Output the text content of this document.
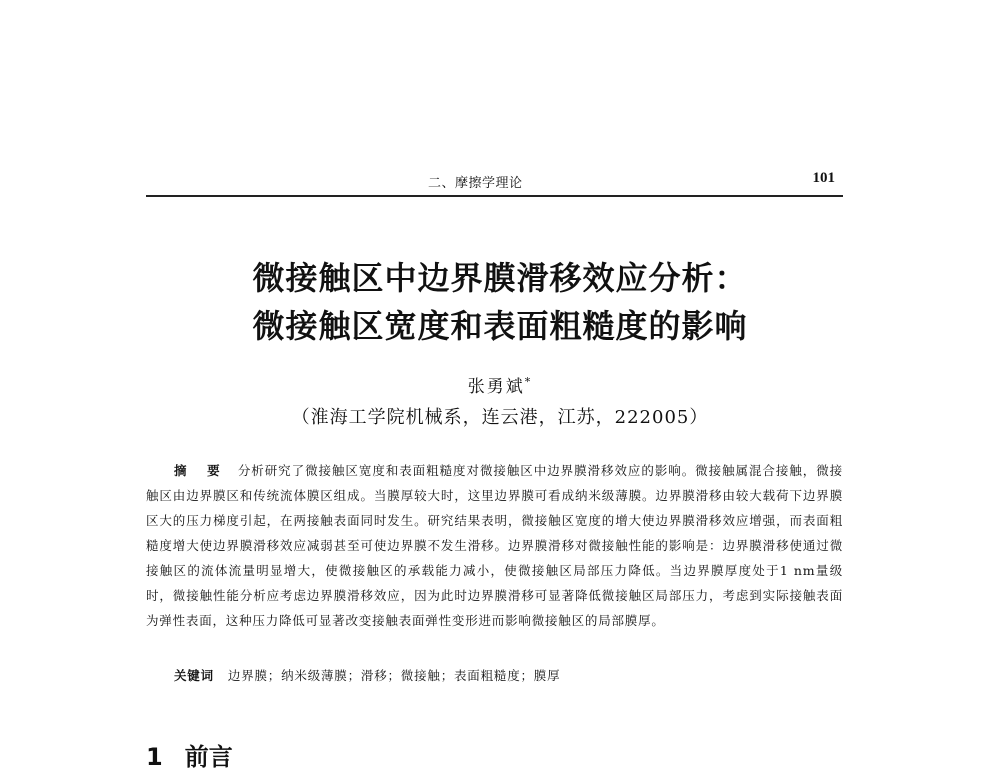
二、摩擦学理论	101
微接触区中边界膜滑移效应分析：
微接触区宽度和表面粗糙度的影响
张勇斌*
（淮海工学院机械系，连云港，江苏，222005）

摘 要 分析研究了微接触区宽度和表面粗糙度对微接触区中边界膜滑移效应的影响。微接触属混合接触，微接触区由边界膜区和传统流体膜区组成。当膜厚较大时，这里边界膜可看成纳米级薄膜。边界膜滑移由较大载荷下边界膜区大的压力梯度引起，在两接触表面同时发生。研究结果表明，微接触区宽度的增大使边界膜滑移效应增强，而表面粗糙度增大使边界膜滑移效应减弱甚至可使边界膜不发生滑移。边界膜滑移对微接触性能的影响是：边界膜滑移使通过微接触区的流体流量明显增大，使微接触区的承载能力减小，使微接触区局部压力降低。当边界膜厚度处于1 nm量级时，微接触性能分析应考虑边界膜滑移效应，因为此时边界膜滑移可显著降低微接触区局部压力，考虑到实际接触表面为弹性表面，这种压力降低可显著改变接触表面弹性变形进而影响微接触区的局部膜厚。

关键词 边界膜；纳米级薄膜；滑移；微接触；表面粗糙度；膜厚
1 前言
